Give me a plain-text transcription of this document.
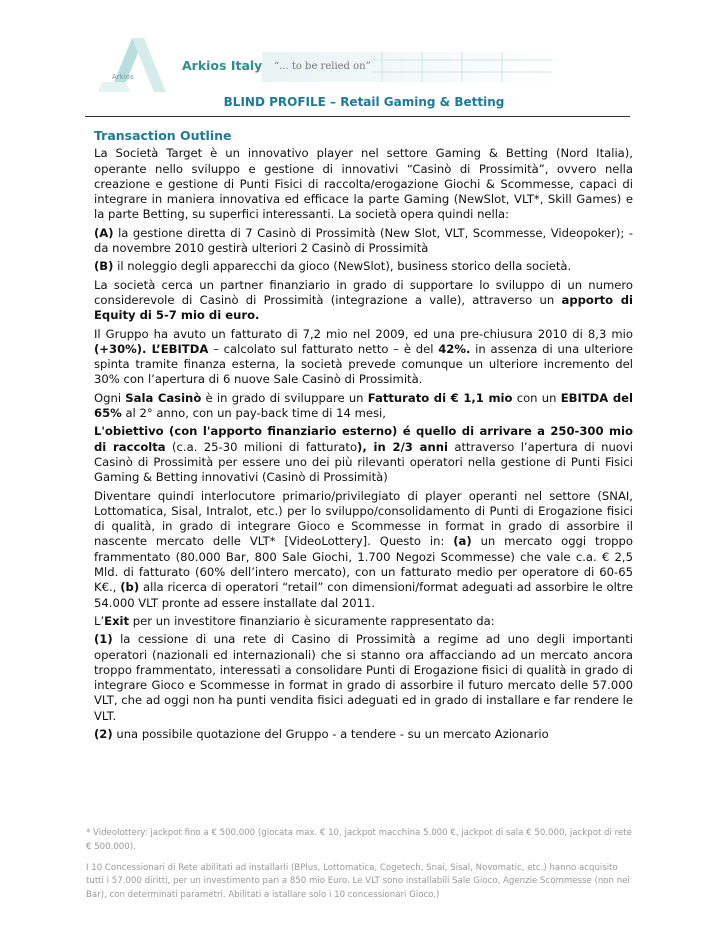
Arkios
Arkios Italy “... to be relied on”
BLIND PROFILE – Retail Gaming & Betting
Transaction Outline

La Società Target è un innovativo player nel settore Gaming & Betting (Nord Italia), operante nello sviluppo e gestione di innovativi “Casinò di Prossimità”, ovvero nella creazione e gestione di Punti Fisici di raccolta/erogazione Giochi & Scommesse, capaci di integrare in maniera innovativa ed efficace la parte Gaming (NewSlot, VLT*, Skill Games) e la parte Betting, su superfici interessanti. La società opera quindi nella:

(A) la gestione diretta di 7 Casinò di Prossimità (New Slot, VLT, Scommesse, Videopoker); - da novembre 2010 gestirà ulteriori 2 Casinò di Prossimità

(B) il noleggio degli apparecchi da gioco (NewSlot), business storico della società.

La società cerca un partner finanziario in grado di supportare lo sviluppo di un numero considerevole di Casinò di Prossimità (integrazione a valle), attraverso un apporto di Equity di 5-7 mio di euro.

Il Gruppo ha avuto un fatturato di 7,2 mio nel 2009, ed una pre-chiusura 2010 di 8,3 mio (+30%). L’EBITDA – calcolato sul fatturato netto – è del 42%. in assenza di una ulteriore spinta tramite finanza esterna, la società prevede comunque un ulteriore incremento del 30% con l’apertura di 6 nuove Sale Casinò di Prossimità.

Ogni Sala Casinò è in grado di sviluppare un Fatturato di € 1,1 mio con un EBITDA del 65% al 2° anno, con un pay-back time di 14 mesi,

L'obiettivo (con l'apporto finanziario esterno) é quello di arrivare a 250-300 mio di raccolta (c.a. 25-30 milioni di fatturato), in 2/3 anni attraverso l’apertura di nuovi Casinò di Prossimità per essere uno dei più rilevanti operatori nella gestione di Punti Fisici Gaming & Betting innovativi (Casinò di Prossimità)

Diventare quindi interlocutore primario/privilegiato di player operanti nel settore (SNAI, Lottomatica, Sisal, Intralot, etc.) per lo sviluppo/consolidamento di Punti di Erogazione fisici di qualità, in grado di integrare Gioco e Scommesse in format in grado di assorbire il nascente mercato delle VLT* [VideoLottery]. Questo in: (a) un mercato oggi troppo frammentato (80.000 Bar, 800 Sale Giochi, 1.700 Negozi Scommesse) che vale c.a. € 2,5 Mld. di fatturato (60% dell’intero mercato), con un fatturato medio per operatore di 60-65 K€., (b) alla ricerca di operatori “retail” con dimensioni/format adeguati ad assorbire le oltre 54.000 VLT pronte ad essere installate dal 2011.

L’Exit per un investitore finanziario è sicuramente rappresentato da:

(1) la cessione di una rete di Casino di Prossimità a regime ad uno degli importanti operatori (nazionali ed internazionali) che si stanno ora affacciando ad un mercato ancora troppo frammentato, interessati a consolidare Punti di Erogazione fisici di qualità in grado di integrare Gioco e Scommesse in format in grado di assorbire il futuro mercato delle 57.000 VLT, che ad oggi non ha punti vendita fisici adeguati ed in grado di installare e far rendere le VLT.

(2) una possibile quotazione del Gruppo - a tendere - su un mercato Azionario

* Videolottery: jackpot fino a € 500.000 (giocata max. € 10, jackpot macchina 5.000 €, jackpot di sala € 50.000, jackpot di rete € 500.000).

I 10 Concessionari di Rete abilitati ad installarli (BPlus, Lottomatica, Cogetech, Snai, Sisal, Novomatic, etc.) hanno acquisito tutti i 57.000 diritti, per un investimento pari a 850 mio Euro. Le VLT sono installabili Sale Gioco, Agenzie Scommesse (non nei Bar), con determinati parametri. Abilitati a istallare solo i 10 concessionari Gioco.)
